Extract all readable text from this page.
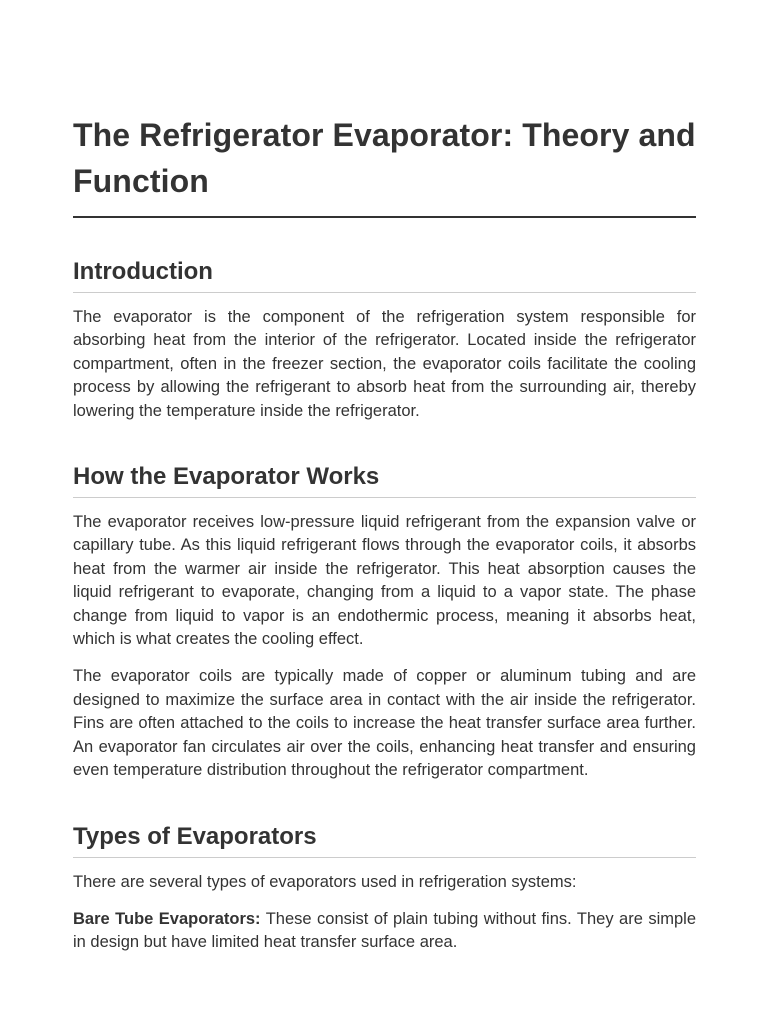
The Refrigerator Evaporator: Theory and Function
Introduction

The evaporator is the component of the refrigeration system responsible for absorbing heat from the interior of the refrigerator. Located inside the refrigerator compartment, often in the freezer section, the evaporator coils facilitate the cooling process by allowing the refrigerant to absorb heat from the surrounding air, thereby lowering the temperature inside the refrigerator.

How the Evaporator Works

The evaporator receives low-pressure liquid refrigerant from the expansion valve or capillary tube. As this liquid refrigerant flows through the evaporator coils, it absorbs heat from the warmer air inside the refrigerator. This heat absorption causes the liquid refrigerant to evaporate, changing from a liquid to a vapor state. The phase change from liquid to vapor is an endothermic process, meaning it absorbs heat, which is what creates the cooling effect.

The evaporator coils are typically made of copper or aluminum tubing and are designed to maximize the surface area in contact with the air inside the refrigerator. Fins are often attached to the coils to increase the heat transfer surface area further. An evaporator fan circulates air over the coils, enhancing heat transfer and ensuring even temperature distribution throughout the refrigerator compartment.

Types of Evaporators

There are several types of evaporators used in refrigeration systems:

Bare Tube Evaporators: These consist of plain tubing without fins. They are simple in design but have limited heat transfer surface area.
